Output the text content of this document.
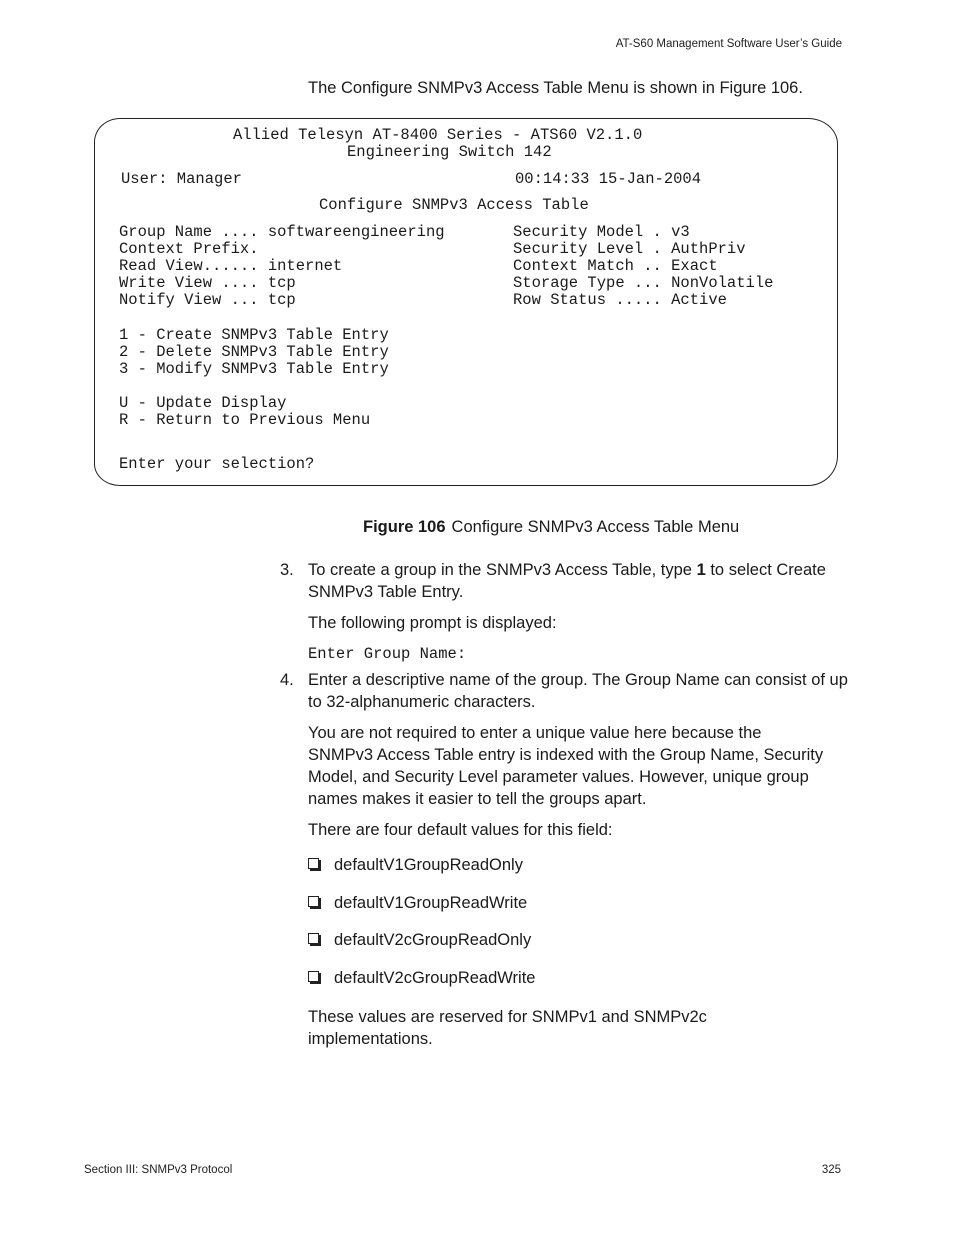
AT-S60 Management Software User’s Guide
The Configure SNMPv3 Access Table Menu is shown in Figure 106.
Allied Telesyn AT-8400 Series - ATS60 V2.1.0
Engineering Switch 142
User: Manager	00:14:33 15-Jan-2004
Configure SNMPv3 Access Table
Group Name .... softwareengineering
Context Prefix.
Read View...... internet
Write View .... tcp
Notify View ... tcp
Security Model . v3
Security Level . AuthPriv
Context Match .. Exact
Storage Type ... NonVolatile
Row Status ..... Active
1 - Create SNMPv3 Table Entry
2 - Delete SNMPv3 Table Entry
3 - Modify SNMPv3 Table Entry
U - Update Display
R - Return to Previous Menu
Enter your selection?
Figure 106 Configure SNMPv3 Access Table Menu
3. To create a group in the SNMPv3 Access Table, type 1 to select Create SNMPv3 Table Entry.
The following prompt is displayed:
Enter Group Name:
4. Enter a descriptive name of the group. The Group Name can consist of up to 32-alphanumeric characters.
You are not required to enter a unique value here because the SNMPv3 Access Table entry is indexed with the Group Name, Security Model, and Security Level parameter values. However, unique group names makes it easier to tell the groups apart.
There are four default values for this field:
defaultV1GroupReadOnly
defaultV1GroupReadWrite
defaultV2cGroupReadOnly
defaultV2cGroupReadWrite
These values are reserved for SNMPv1 and SNMPv2c implementations.
Section III: SNMPv3 Protocol	325
